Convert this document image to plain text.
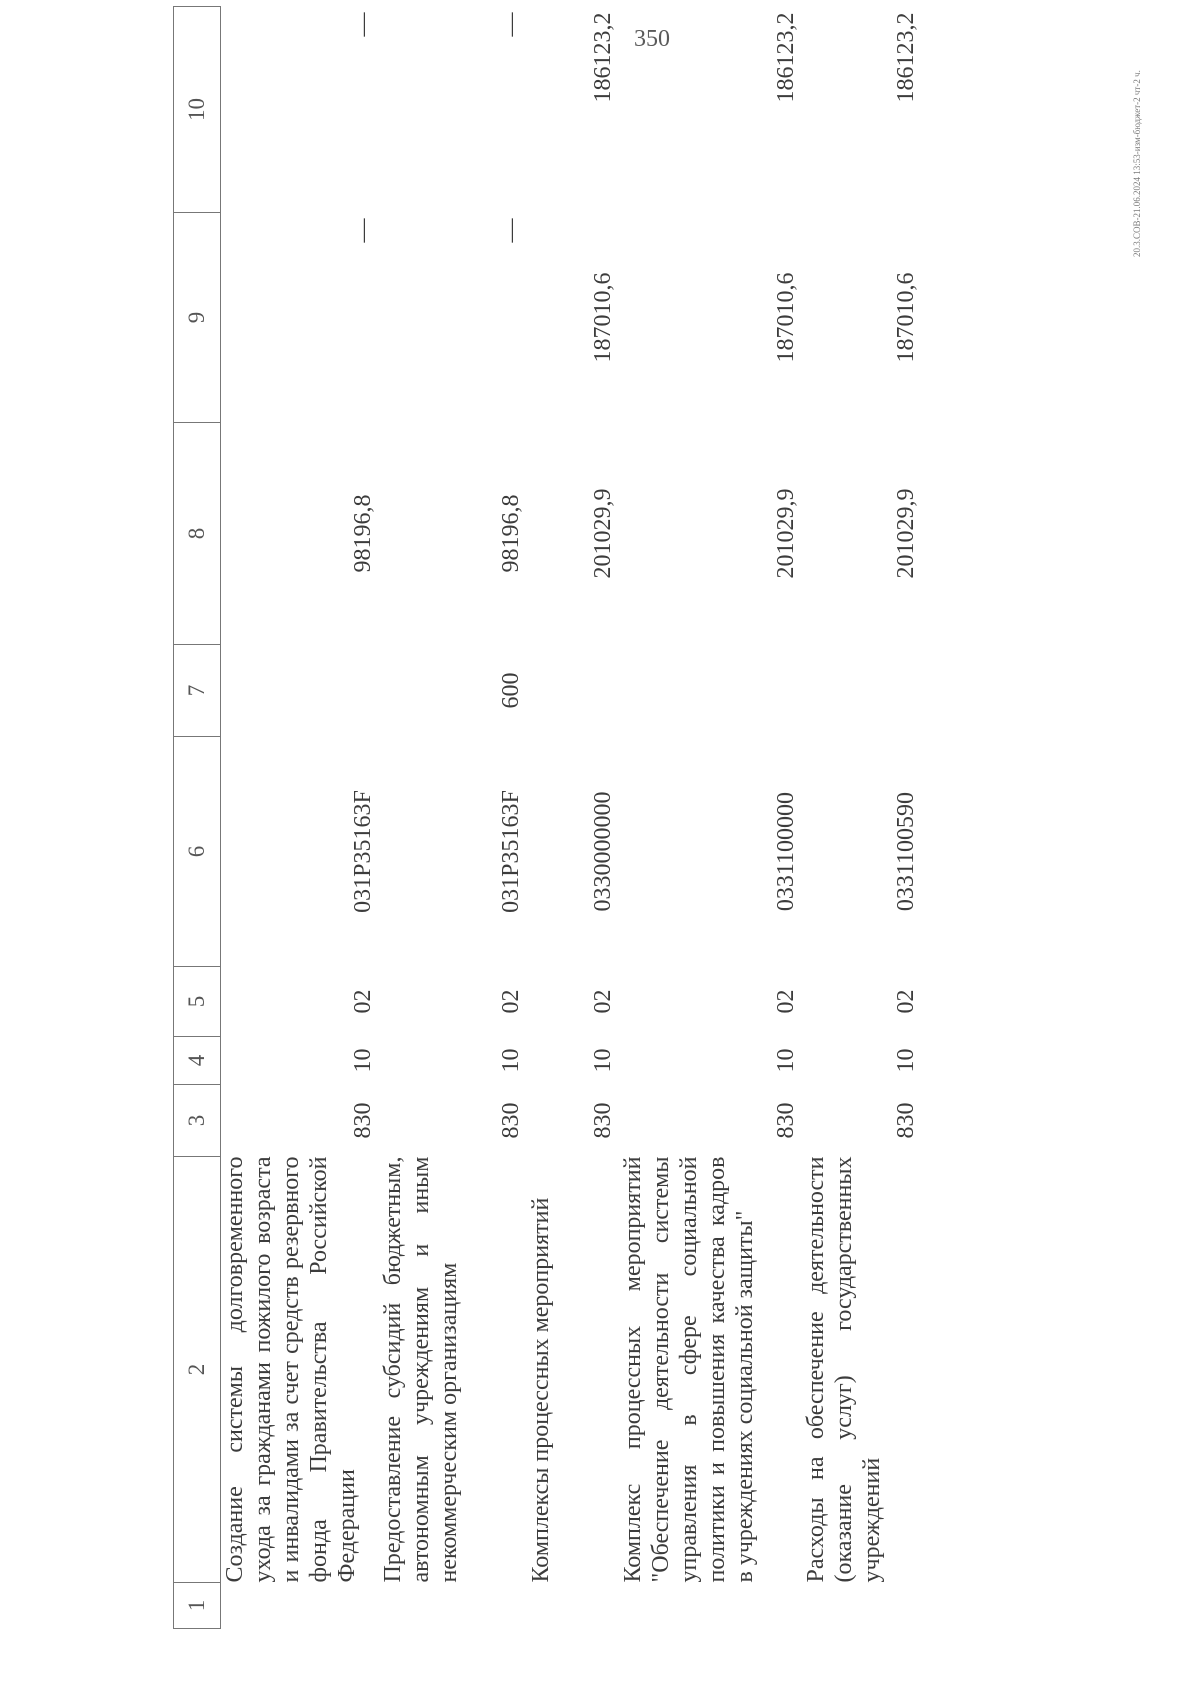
350
20.3.СОВ-21.06.2024 13:53-изм-бюджет-2 чт-2 ч.
1	2	3	4	5	6	7	8	9	10
	Создание системы долговременного ухода за гражданами пожилого возраста и инвалидами за счет средств резервного фонда Правительства Российской Федерации	830	10	02	031P35163F		98196,8	—	—

	Предоставление субсидий бюджетным, автономным учреждениям и иным некоммерческим организациям	830	10	02	031P35163F	600	98196,8	—	—

	Комплексы процессных мероприятий	830	10	02	0330000000		201029,9	187010,6	186123,2

	Комплекс процессных мероприятий "Обеспечение деятельности системы управления в сфере социальной политики и повышения качества кадров в учреждениях социальной защиты"	830	10	02	0331100000		201029,9	187010,6	186123,2

	Расходы на обеспечение деятельности (оказание услуг) государственных учреждений	830	10	02	0331100590		201029,9	187010,6	186123,2
